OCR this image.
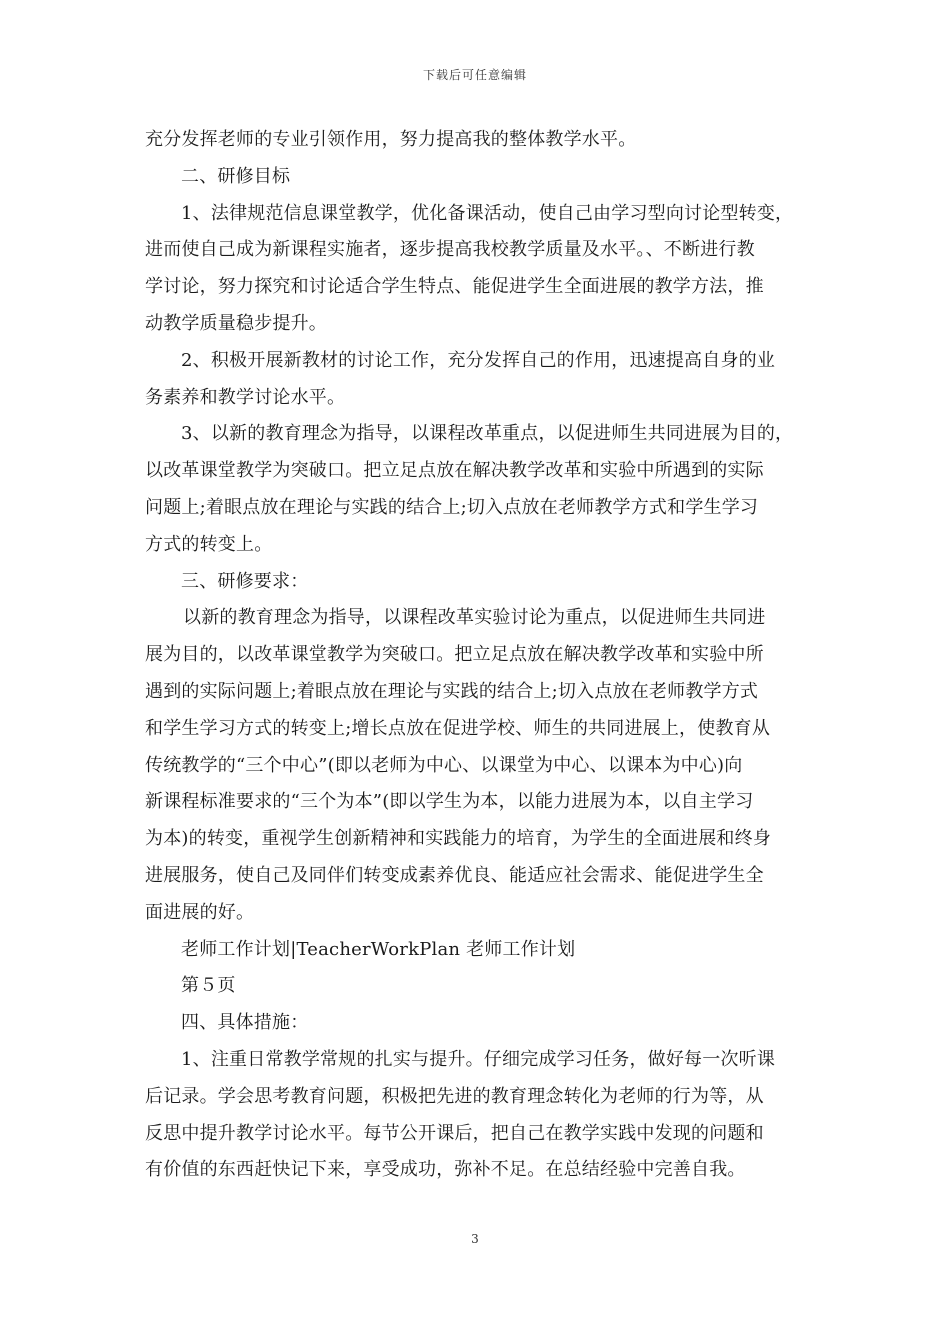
下载后可任意编辑
充分发挥老师的专业引领作用，努力提高我的整体教学水平。
二、研修目标
1、法律规范信息课堂教学，优化备课活动，使自己由学习型向讨论型转变，
进而使自己成为新课程实施者，逐步提高我校教学质量及水平。、不断进行教
学讨论，努力探究和讨论适合学生特点、能促进学生全面进展的教学方法，推
动教学质量稳步提升。
2、积极开展新教材的讨论工作，充分发挥自己的作用，迅速提高自身的业
务素养和教学讨论水平。
3、以新的教育理念为指导，以课程改革重点，以促进师生共同进展为目的，
以改革课堂教学为突破口。把立足点放在解决教学改革和实验中所遇到的实际
问题上;着眼点放在理论与实践的结合上;切入点放在老师教学方式和学生学习
方式的转变上。
三、研修要求：
以新的教育理念为指导，以课程改革实验讨论为重点，以促进师生共同进
展为目的，以改革课堂教学为突破口。把立足点放在解决教学改革和实验中所
遇到的实际问题上;着眼点放在理论与实践的结合上;切入点放在老师教学方式
和学生学习方式的转变上;增长点放在促进学校、师生的共同进展上，使教育从
传统教学的“三个中心”(即以老师为中心、以课堂为中心、以课本为中心)向
新课程标准要求的“三个为本”(即以学生为本，以能力进展为本，以自主学习
为本)的转变，重视学生创新精神和实践能力的培育，为学生的全面进展和终身
进展服务，使自己及同伴们转变成素养优良、能适应社会需求、能促进学生全
面进展的好。
老师工作计划|TeacherWorkPlan 老师工作计划
第５页
四、具体措施：
1、注重日常教学常规的扎实与提升。仔细完成学习任务，做好每一次听课
后记录。学会思考教育问题，积极把先进的教育理念转化为老师的行为等，从
反思中提升教学讨论水平。每节公开课后，把自己在教学实践中发现的问题和
有价值的东西赶快记下来，享受成功，弥补不足。在总结经验中完善自我。
3
